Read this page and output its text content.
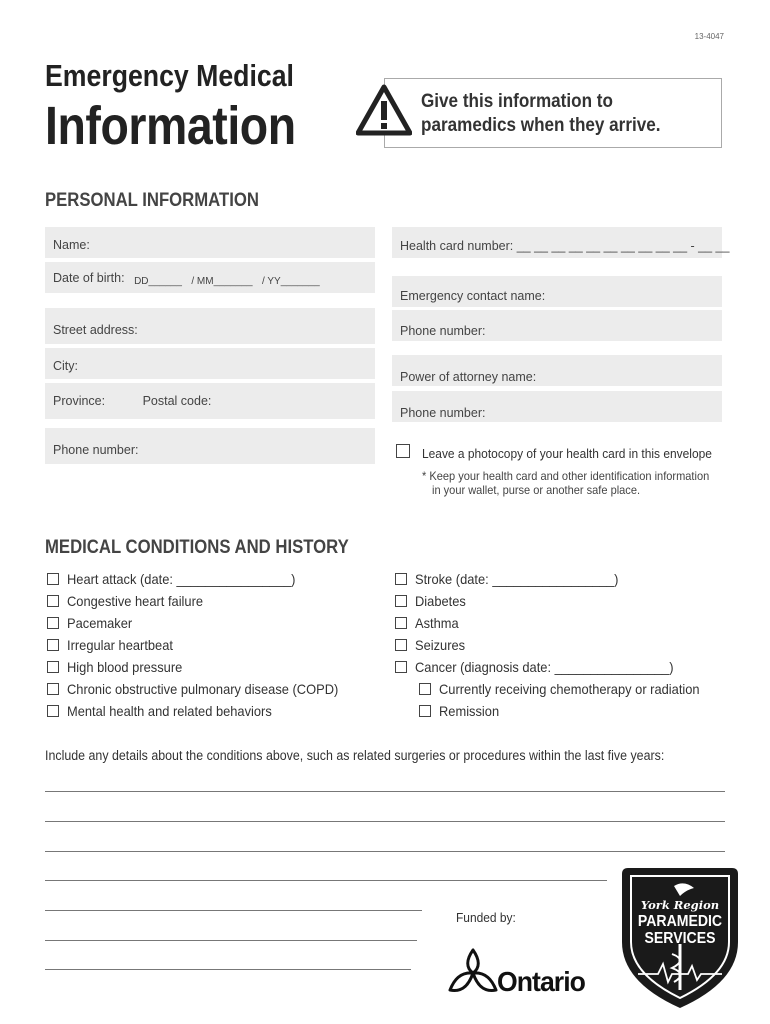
13-4047
Emergency Medical
Information	Give this information to
paramedics when they arrive.
PERSONAL INFORMATION
Name:
Date of birth: DD______ / MM_______ / YY_______
Street address:
City:
Province:	Postal code:
Phone number:
Health card number: __ __ __ __ __ __ __ __ __ __ - __ __
Emergency contact name:
Phone number:
Power of attorney name:
Phone number:
Leave a photocopy of your health card in this envelope
* Keep your health card and other identification information
in your wallet, purse or another safe place.
MEDICAL CONDITIONS AND HISTORY
Heart attack (date: ________________)
Congestive heart failure
Pacemaker
Irregular heartbeat
High blood pressure
Chronic obstructive pulmonary disease (COPD)
Mental health and related behaviors
Stroke (date: _________________)
Diabetes
Asthma
Seizures
Cancer (diagnosis date: ________________)
Currently receiving chemotherapy or radiation
Remission
Include any details about the conditions above, such as related surgeries or procedures within the last five years:
Funded by:
Ontario
York Region
PARAMEDIC
SERVICES
